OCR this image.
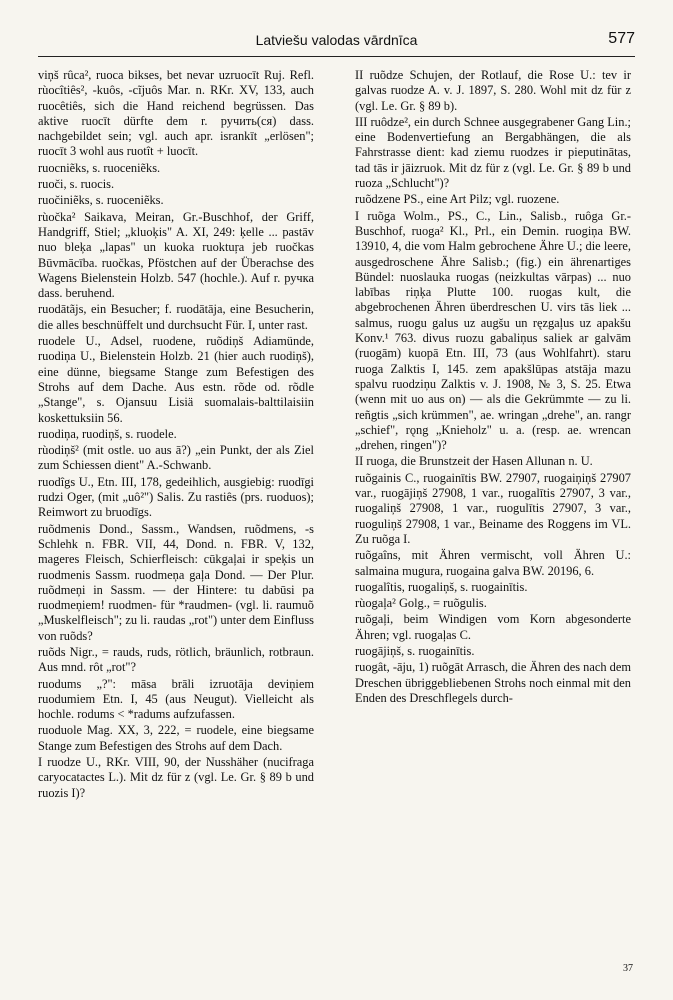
Latviešu valodas vārdnīca	577

viņš rûca², ruoca bikses, bet nevar uzruocīt Ruj. Refl. rùocîtiês², -kuôs, -cĩjuôs Mar. n. RKr. XV, 133, auch ruocêtiês, sich die Hand reichend begrüssen. Das aktive ruocīt dürfte dem r. ручить(ся) dass. nachgebildet sein; vgl. auch apr. isrankīt „erlösen"; ruocīt 3 wohl aus ruotît + luocīt.

ruocniẽks, s. ruoceniẽks.

ruoči, s. ruocis.

ruočiniẽks, s. ruoceniẽks.

rùočka² Saikava, Meiran, Gr.-Buschhof, der Griff, Handgriff, Stiel; „kluoķis" A. XI, 249: ķelle ... pastāv nuo bleķa „lapas" un kuoka ruoktuŗa jeb ruočkas Būvmācība. ruočkas, Pföstchen auf der Überachse des Wagens Bielenstein Holzb. 547 (hochle.). Auf r. ручка dass. beruhend.

ruodātãjs, ein Besucher; f. ruodātāja, eine Besucherin, die alles beschnüffelt und durchsucht Für. I, unter rast.

ruodele U., Adsel, ruodene, ruõdiņš Adiamünde, ruodiņa U., Bielenstein Holzb. 21 (hier auch ruodiņš), eine dünne, biegsame Stange zum Befestigen des Strohs auf dem Dache. Aus estn. rõde od. rõdle „Stange", s. Ojansuu Lisiä suomalais-balttilaisiin koskettuksiin 56.

ruodiņa, ruodiņš, s. ruodele.

rùodiņš² (mit ostle. uo aus ā?) „ein Punkt, der als Ziel zum Schiessen dient" A.-Schwanb.

ruodîgs U., Etn. III, 178, gedeihlich, ausgiebig: ruodīgi rudzi Oger, (mit „uô²") Salis. Zu rastiês (prs. ruoduos); Reimwort zu bruodīgs.

ruõdmenis Dond., Sassm., Wandsen, ruõdmens, -s Schlehk n. FBR. VII, 44, Dond. n. FBR. V, 132, mageres Fleisch, Schierfleisch: cūkgaļai ir speķis un ruodmenis Sassm. ruodmeņa gaļa Dond. — Der Plur. ruõdmeņi in Sassm. — der Hintere: tu dabūsi pa ruodmeņiem! ruodmen- für *raudmen- (vgl. li. raumuõ „Muskelfleisch"; zu li. raudas „rot") unter dem Einfluss von ruõds?

ruõds Nigr., = rauds, ruds, rötlich, bräunlich, rotbraun. Aus mnd. rôt „rot"?

ruodums „?": māsa brāli izruotāja deviņiem ruodumiem Etn. I, 45 (aus Neugut). Vielleicht als hochle. rodums < *radums aufzufassen.

ruoduole Mag. XX, 3, 222, = ruodele, eine biegsame Stange zum Befestigen des Strohs auf dem Dach.

I ruodze U., RKr. VIII, 90, der Nusshäher (nucifraga caryocatactes L.). Mit dz für z (vgl. Le. Gr. § 89 b und ruozis I)?

II ruõdze Schujen, der Rotlauf, die Rose U.: tev ir galvas ruodze A. v. J. 1897, S. 280. Wohl mit dz für z (vgl. Le. Gr. § 89 b).

III ruôdze², ein durch Schnee ausgegrabener Gang Lin.; eine Bodenvertiefung an Bergabhängen, die als Fahrstrasse dient: kad ziemu ruodzes ir pieputinātas, tad tās ir jāizruok. Mit dz für z (vgl. Le. Gr. § 89 b und ruoza „Schlucht")?

ruõdzene PS., eine Art Pilz; vgl. ruozene.

I ruõga Wolm., PS., C., Lin., Salisb., ruôga Gr.-Buschhof, ruoga² Kl., Prl., ein Demin. ruogiņa BW. 13910, 4, die vom Halm gebrochene Ähre U.; die leere, ausgedroschene Ähre Salisb.; (fig.) ein ährenartiges Bündel: nuoslauka ruogas (neizkultas vārpas) ... nuo labības riņķa Plutte 100. ruogas kult, die abgebrochenen Ähren überdreschen U. virs tās liek ... salmus, ruogu galus uz augšu un ręzgaļus uz apakšu Konv.¹ 763. divus ruozu gabaliņus saliek ar galvām (ruogām) kuopā Etn. III, 73 (aus Wohlfahrt). staru ruoga Zalktis I, 145. zem apakšlūpas atstāja mazu spalvu ruodziņu Zalktis v. J. 1908, № 3, S. 25. Etwa (wenn mit uo aus on) — als die Gekrümmte — zu li. reñgtis „sich krümmen", ae. wringan „drehe", an. rangr „schief", rǫng „Knieholz" u. a. (resp. ae. wrencan „drehen, ringen")?

II ruoga, die Brunstzeit der Hasen Allunan n. U.

ruõgainis C., ruogainītis BW. 27907, ruogaiņiņš 27907 var., ruogājiņš 27908, 1 var., ruogalītis 27907, 3 var., ruogaliņš 27908, 1 var., ruogulītis 27907, 3 var., ruoguliņš 27908, 1 var., Beiname des Roggens im VL. Zu ruõga I.

ruõgaîns, mit Ähren vermischt, voll Ähren U.: salmaina mugura, ruogaina galva BW. 20196, 6.

ruogalîtis, ruogaliņš, s. ruogainītis.

rùogaļa² Golg., = ruõgulis.

ruõgaļi, beim Windigen vom Korn abgesonderte Ähren; vgl. ruogaļas C.

ruogājiņš, s. ruogainītis.

ruogât, -āju, 1) ruõgāt Arrasch, die Ähren des nach dem Dreschen übriggebliebenen Strohs noch einmal mit den Enden des Dreschflegels durch-

37
